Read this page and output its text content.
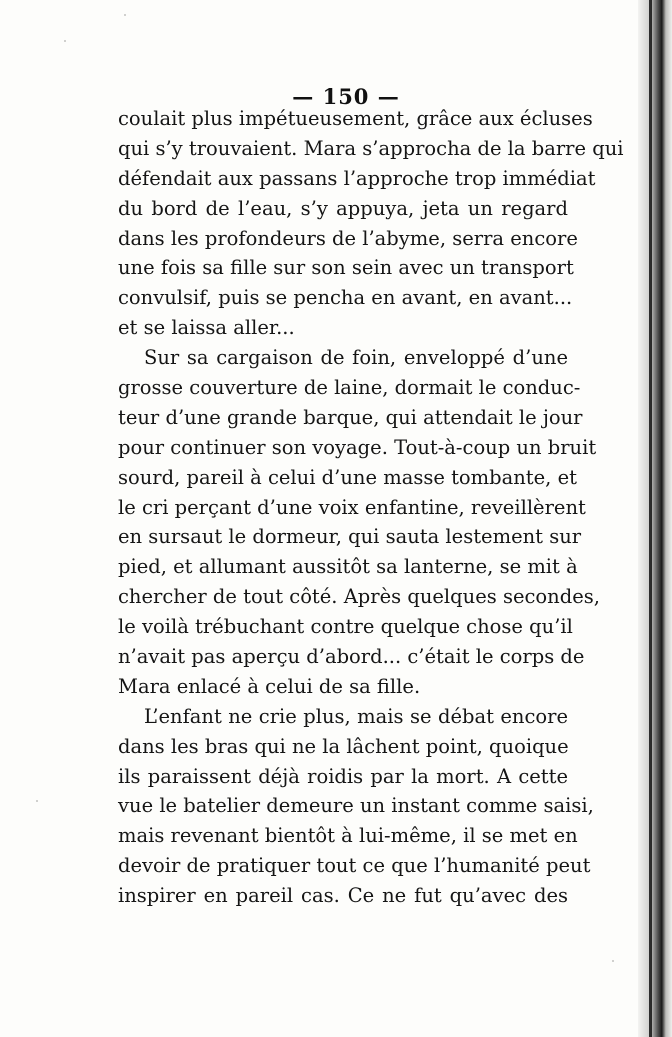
— 150 —
coulait plus impétueusement, grâce aux écluses
qui s’y trouvaient. Mara s’approcha de la barre qui
défendait aux passans l’approche trop immédiat
du bord de l’eau, s’y appuya, jeta un regard
dans les profondeurs de l’abyme, serra encore
une fois sa fille sur son sein avec un transport
convulsif, puis se pencha en avant, en avant...
et se laissa aller...
Sur sa cargaison de foin, enveloppé d’une
grosse couverture de laine, dormait le conduc-
teur d’une grande barque, qui attendait le jour
pour continuer son voyage. Tout-à-coup un bruit
sourd, pareil à celui d’une masse tombante, et
le cri perçant d’une voix enfantine, reveillèrent
en sursaut le dormeur, qui sauta lestement sur
pied, et allumant aussitôt sa lanterne, se mit à
chercher de tout côté. Après quelques secondes,
le voilà trébuchant contre quelque chose qu’il
n’avait pas aperçu d’abord... c’était le corps de
Mara enlacé à celui de sa fille.
L’enfant ne crie plus, mais se débat encore
dans les bras qui ne la lâchent point, quoique
ils paraissent déjà roidis par la mort. A cette
vue le batelier demeure un instant comme saisi,
mais revenant bientôt à lui-même, il se met en
devoir de pratiquer tout ce que l’humanité peut
inspirer en pareil cas. Ce ne fut qu’avec des
